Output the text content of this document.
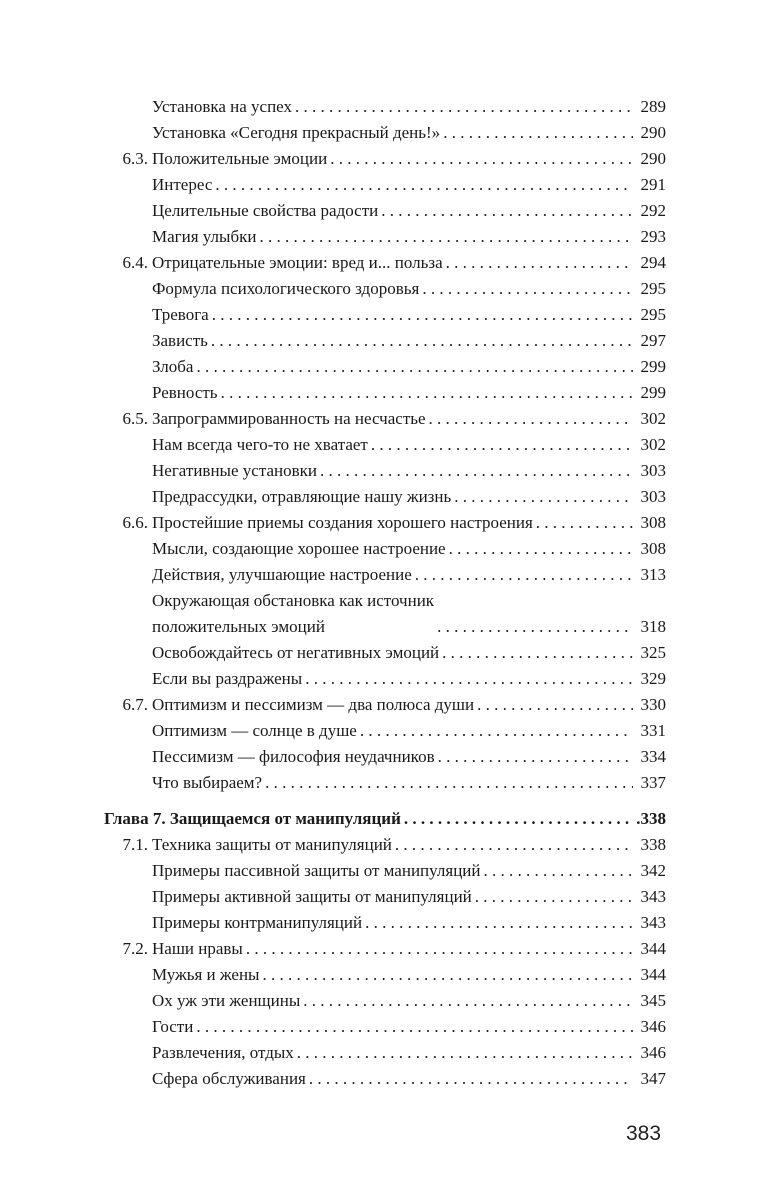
Установка на успех . . .	289
Установка «Сегодня прекрасный день!» . . .	290
6.3. Положительные эмоции . . .	290
Интерес . . .	291
Целительные свойства радости . . .	292
Магия улыбки . . .	293
6.4. Отрицательные эмоции: вред и... польза . . .	294
Формула психологического здоровья . . .	295
Тревога . . .	295
Зависть . . .	297
Злоба . . .	299
Ревность . . .	299
6.5. Запрограммированность на несчастье . . .	302
Нам всегда чего-то не хватает . . .	302
Негативные установки . . .	303
Предрассудки, отравляющие нашу жизнь . . .	303
6.6. Простейшие приемы создания хорошего настроения . . .	308
Мысли, создающие хорошее настроение . . .	308
Действия, улучшающие настроение . . .	313
Окружающая обстановка как источник
положительных эмоций . . .	318
Освобождайтесь от негативных эмоций . . .	325
Если вы раздражены . . .	329
6.7. Оптимизм и пессимизм — два полюса души . . .	330
Оптимизм — солнце в душе . . .	331
Пессимизм — философия неудачников . . .	334
Что выбираем? . . .	337
Глава 7. Защищаемся от манипуляций . . .	.338
7.1. Техника защиты от манипуляций . . .	338
Примеры пассивной защиты от манипуляций . . .	342
Примеры активной защиты от манипуляций . . .	343
Примеры контрманипуляций . . .	343
7.2. Наши нравы . . .	344
Мужья и жены . . .	344
Ох уж эти женщины . . .	345
Гости . . .	346
Развлечения, отдых . . .	346
Сфера обслуживания . . .	347
383
